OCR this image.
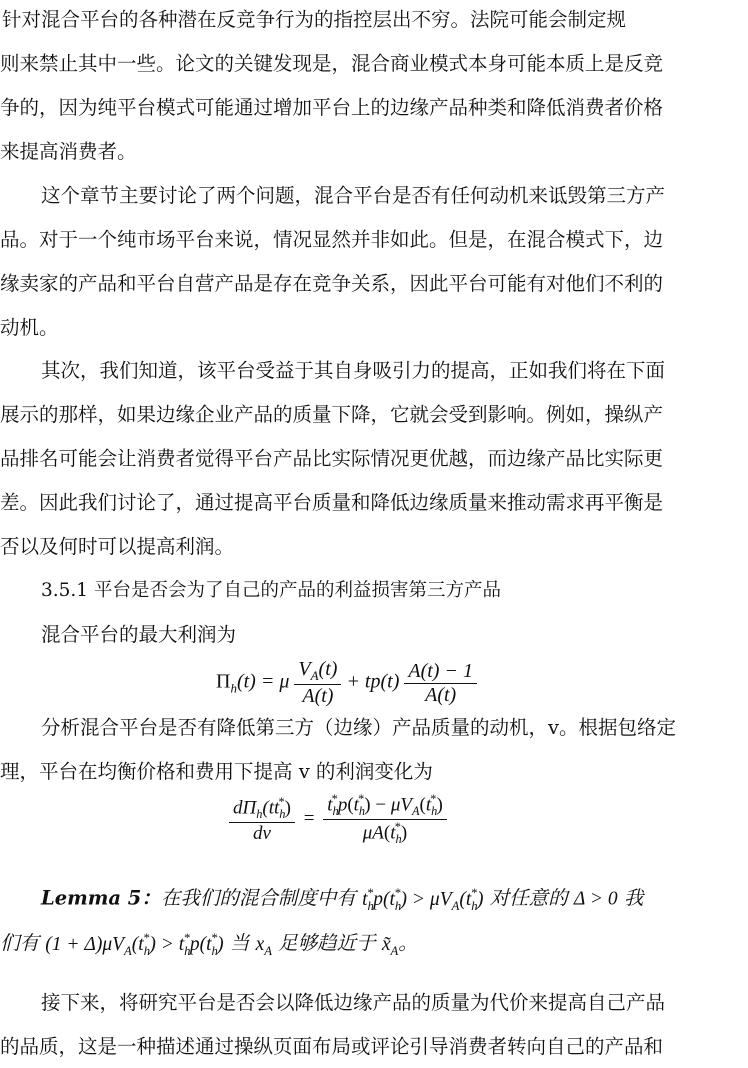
针对混合平台的各种潜在反竞争行为的指控层出不穷。法院可能会制定规
则来禁止其中一些。论文的关键发现是，混合商业模式本身可能本质上是反竞
争的，因为纯平台模式可能通过增加平台上的边缘产品种类和降低消费者价格
来提高消费者。
这个章节主要讨论了两个问题，混合平台是否有任何动机来诋毁第三方产
品。对于一个纯市场平台来说，情况显然并非如此。但是，在混合模式下，边
缘卖家的产品和平台自营产品是存在竞争关系，因此平台可能有对他们不利的
动机。
其次，我们知道，该平台受益于其自身吸引力的提高，正如我们将在下面
展示的那样，如果边缘企业产品的质量下降，它就会受到影响。例如，操纵产
品排名可能会让消费者觉得平台产品比实际情况更优越，而边缘产品比实际更
差。因此我们讨论了，通过提高平台质量和降低边缘质量来推动需求再平衡是
否以及何时可以提高利润。
3.5.1 平台是否会为了自己的产品的利益损害第三方产品
混合平台的最大利润为
$\Pi_h(t) = \mu \frac{V_A(t)}{A(t)} + tp(t) \frac{A(t) - 1}{A(t)}$
分析混合平台是否有降低第三方（边缘）产品质量的动机，v。根据包络定
理，平台在均衡价格和费用下提高 v 的利润变化为
$\frac{d\Pi_h(tt_h^*)}{dv} = \frac{t_h^*p(t_h^*) - \mu V_A(t_h^*)}{\mu A(t_h^*)}$
Lemma 5：在我们的混合制度中有 $t_h^*p(t_h^*) > \mu V_A(t_h^*)$ 对任意的 Δ > 0 我
们有 $(1 + \Delta)\mu V_A(t_h^*) > t_h^*p(t_h^*)$ 当 $x_A$ 足够趋近于 $x̃_A$。
接下来，将研究平台是否会以降低边缘产品的质量为代价来提高自己产品
的品质，这是一种描述通过操纵页面布局或评论引导消费者转向自己的产品和
